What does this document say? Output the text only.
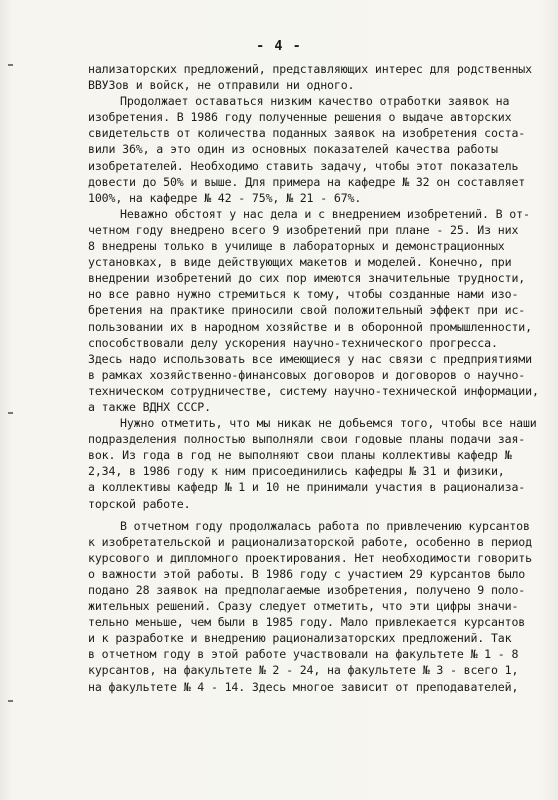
- 4 -
нализаторских предложений, представляющих интерес для родственных
ВВУЗов и войск, не отправили ни одного.
Продолжает оставаться низким качество отработки заявок на
изобретения. В 1986 году полученные решения о выдаче авторских
свидетельств от количества поданных заявок на изобретения соста-
вили 36%, а это один из основных показателей качества работы
изобретателей. Необходимо ставить задачу, чтобы этот показатель
довести до 50% и выше. Для примера на кафедре № 32 он составляет
100%, на кафедре № 42 - 75%, № 21 - 67%.
Неважно обстоят у нас дела и с внедрением изобретений. В от-
четном году внедрено всего 9 изобретений при плане - 25. Из них
8 внедрены только в училище в лабораторных и демонстрационных
установках, в виде действующих макетов и моделей. Конечно, при
внедрении изобретений до сих пор имеются значительные трудности,
но все равно нужно стремиться к тому, чтобы созданные нами изо-
бретения на практике приносили свой положительный эффект при ис-
пользовании их в народном хозяйстве и в оборонной промышленности,
способствовали делу ускорения научно-технического прогресса.
Здесь надо использовать все имеющиеся у нас связи с предприятиями
в рамках хозяйственно-финансовых договоров и договоров о научно-
техническом сотрудничестве, систему научно-технической информации,
а также ВДНХ СССР.
Нужно отметить, что мы никак не добьемся того, чтобы все наши
подразделения полностью выполняли свои годовые планы подачи зая-
вок. Из года в год не выполняют свои планы коллективы кафедр №
2,34, в 1986 году к ним присоединились кафедры № 31 и физики,
а коллективы кафедр № 1 и 10 не принимали участия в рационализа-
торской работе.
В отчетном году продолжалась работа по привлечению курсантов
к изобретательской и рационализаторской работе, особенно в период
курсового и дипломного проектирования. Нет необходимости говорить
о важности этой работы. В 1986 году с участием 29 курсантов было
подано 28 заявок на предполагаемые изобретения, получено 9 поло-
жительных решений. Сразу следует отметить, что эти цифры значи-
тельно меньше, чем были в 1985 году. Мало привлекается курсантов
и к разработке и внедрению рационализаторских предложений. Так
в отчетном году в этой работе участвовали на факультете № 1 - 8
курсантов, на факультете № 2 - 24, на факультете № 3 - всего 1,
на факультете № 4 - 14. Здесь многое зависит от преподавателей,
